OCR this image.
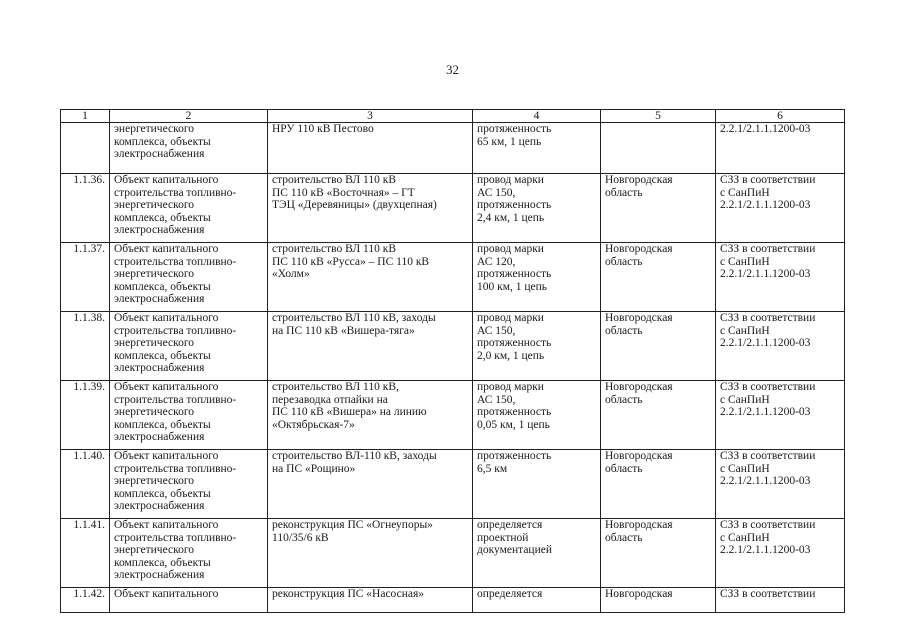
32
1	2	3	4	5	6
	энергетического
комплекса, объекты
электроснабжения	НРУ 110 кВ Пестово	протяженность
65 км, 1 цепь		2.2.1/2.1.1.1200-03
1.1.36.	Объект капитального
строительства топливно-
энергетического
комплекса, объекты
электроснабжения	строительство ВЛ 110 кВ
ПС 110 кВ «Восточная» – ГТ
ТЭЦ «Деревяницы» (двухцепная)	провод марки
АС 150,
протяженность
2,4 км, 1 цепь	Новгородская
область	СЗЗ в соответствии
с СанПиН
2.2.1/2.1.1.1200-03
1.1.37.	Объект капитального
строительства топливно-
энергетического
комплекса, объекты
электроснабжения	строительство ВЛ 110 кВ
ПС 110 кВ «Русса» – ПС 110 кВ
«Холм»	провод марки
АС 120,
протяженность
100 км, 1 цепь	Новгородская
область	СЗЗ в соответствии
с СанПиН
2.2.1/2.1.1.1200-03
1.1.38.	Объект капитального
строительства топливно-
энергетического
комплекса, объекты
электроснабжения	строительство ВЛ 110 кВ, заходы
на ПС 110 кВ «Вишера-тяга»	провод марки
АС 150,
протяженность
2,0 км, 1 цепь	Новгородская
область	СЗЗ в соответствии
с СанПиН
2.2.1/2.1.1.1200-03
1.1.39.	Объект капитального
строительства топливно-
энергетического
комплекса, объекты
электроснабжения	строительство ВЛ 110 кВ,
перезаводка отпайки на
ПС 110 кВ «Вишера» на линию
«Октябрьская-7»	провод марки
АС 150,
протяженность
0,05 км, 1 цепь	Новгородская
область	СЗЗ в соответствии
с СанПиН
2.2.1/2.1.1.1200-03
1.1.40.	Объект капитального
строительства топливно-
энергетического
комплекса, объекты
электроснабжения	строительство ВЛ-110 кВ, заходы
на ПС «Рощино»	протяженность
6,5 км	Новгородская
область	СЗЗ в соответствии
с СанПиН
2.2.1/2.1.1.1200-03
1.1.41.	Объект капитального
строительства топливно-
энергетического
комплекса, объекты
электроснабжения	реконструкция ПС «Огнеупоры»
110/35/6 кВ	определяется
проектной
документацией	Новгородская
область	СЗЗ в соответствии
с СанПиН
2.2.1/2.1.1.1200-03
1.1.42.	Объект капитального	реконструкция ПС «Насосная»	определяется	Новгородская	СЗЗ в соответствии
